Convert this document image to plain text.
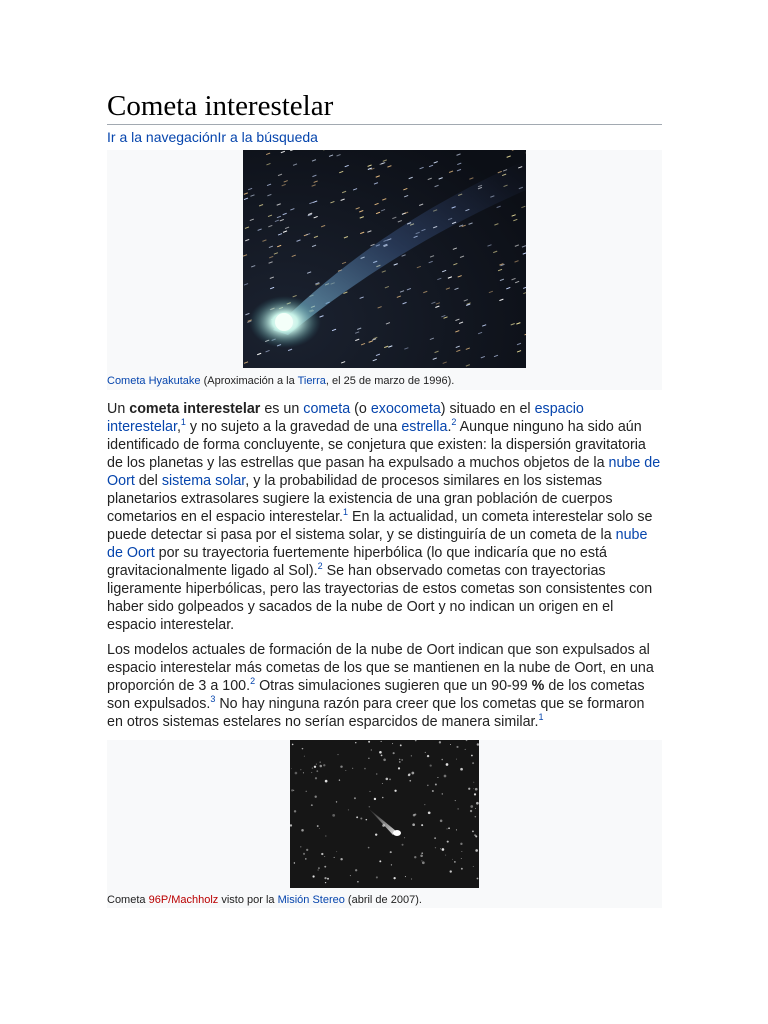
Cometa interestelar
Ir a la navegaciónIr a la búsqueda
Cometa Hyakutake (Aproximación a la Tierra, el 25 de marzo de 1996).

Un cometa interestelar es un cometa (o exocometa) situado en el espacio interestelar,$^1$ y no sujeto a la gravedad de una estrella.$^2$ Aunque ninguno ha sido aún identificado de forma concluyente, se conjetura que existen: la dispersión gravitatoria de los planetas y las estrellas que pasan ha expulsado a muchos objetos de la nube de Oort del sistema solar, y la probabilidad de procesos similares en los sistemas planetarios extrasolares sugiere la existencia de una gran población de cuerpos cometarios en el espacio interestelar.$^1$ En la actualidad, un cometa interestelar solo se puede detectar si pasa por el sistema solar, y se distinguiría de un cometa de la nube de Oort por su trayectoria fuertemente hiperbólica (lo que indicaría que no está gravitacionalmente ligado al Sol).$^2$ Se han observado cometas con trayectorias ligeramente hiperbólicas, pero las trayectorias de estos cometas son consistentes con haber sido golpeados y sacados de la nube de Oort y no indican un origen en el espacio interestelar.

Los modelos actuales de formación de la nube de Oort indican que son expulsados al espacio interestelar más cometas de los que se mantienen en la nube de Oort, en una proporción de 3 a 100.$^2$ Otras simulaciones sugieren que un 90-99 % de los cometas son expulsados.$^3$ No hay ninguna razón para creer que los cometas que se formaron en otros sistemas estelares no serían esparcidos de manera similar.$^1$

Cometa 96P/Machholz visto por la Misión Stereo (abril de 2007).
